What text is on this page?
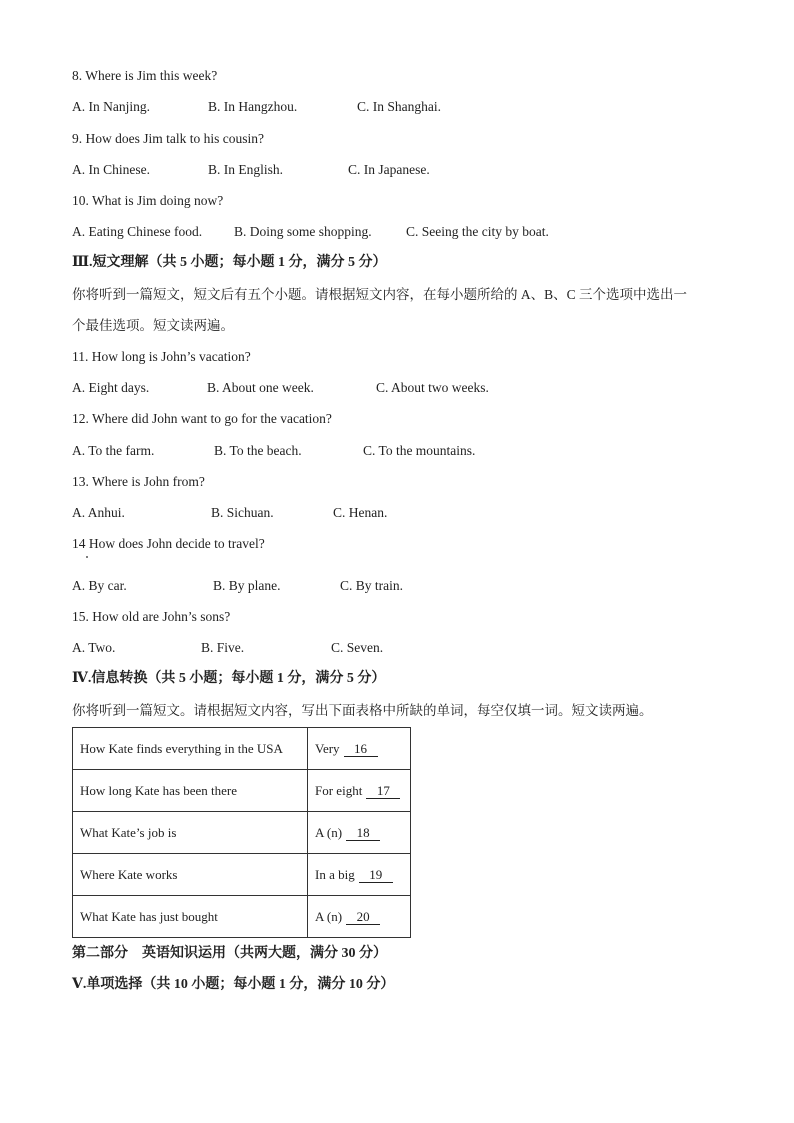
8. Where is Jim this week?
A. In Nanjing.	B. In Hangzhou.	C. In Shanghai.
9. How does Jim talk to his cousin?
A. In Chinese.	B. In English.	C. In Japanese.
10. What is Jim doing now?
A. Eating Chinese food. B. Doing some shopping.	C. Seeing the city by boat.
Ⅲ.短文理解（共 5 小题；每小题 1 分，满分 5 分）
你将听到一篇短文，短文后有五个小题。请根据短文内容，在每小题所给的 A、B、C 三个选项中选出一
个最佳选项。短文读两遍。
11. How long is John’s vacation?
A. Eight days.	B. About one week.	C. About two weeks.
12. Where did John want to go for the vacation?
A. To the farm.	B. To the beach.	C. To the mountains.
13. Where is John from?
A. Anhui.	B. Sichuan.	C. Henan.
14 How does John decide to travel?
A. By car.	B. By plane.	C. By train.
15. How old are John’s sons?
A. Two.	B. Five.	C. Seven.
Ⅳ.信息转换（共 5 小题；每小题 1 分，满分 5 分）
你将听到一篇短文。请根据短文内容，写出下面表格中所缺的单词，每空仅填一词。短文读两遍。
How Kate finds everything in the USA	Very 16
How long Kate has been there	For eight 17
What Kate’s job is	A (n) 18
Where Kate works	In a big 19
What Kate has just bought	A (n) 20
第二部分　英语知识运用（共两大题，满分 30 分）
Ⅴ.单项选择（共 10 小题；每小题 1 分，满分 10 分）
